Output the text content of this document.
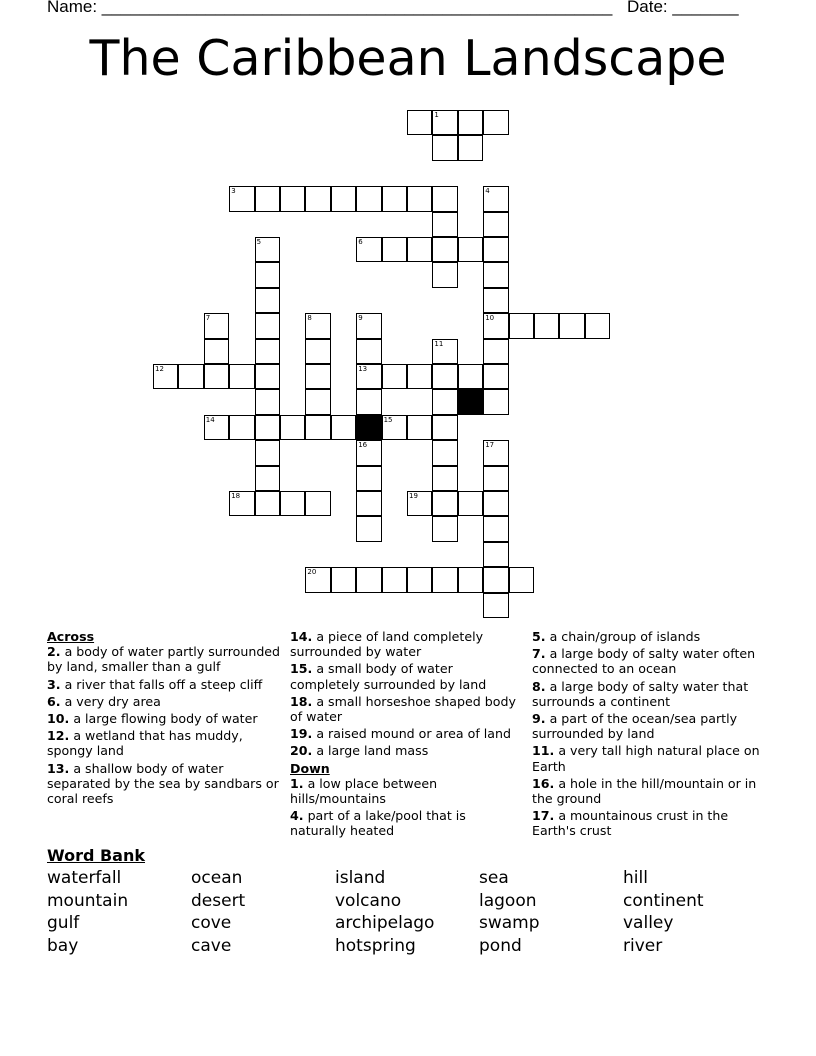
Name: ______________________________________________________ Date: _______
The Caribbean Landscape
1
3	4
5	6
7	8	9	10
11
12	13
14	15
16	17
18	19
20
Across
2. a body of water partly surrounded by land, smaller than a gulf
3. a river that falls off a steep cliff
6. a very dry area
10. a large flowing body of water
12. a wetland that has muddy, spongy land
13. a shallow body of water separated by the sea by sandbars or coral reefs
14. a piece of land completely surrounded by water
15. a small body of water completely surrounded by land
18. a small horseshoe shaped body of water
19. a raised mound or area of land
20. a large land mass
Down
1. a low place between hills/mountains
4. part of a lake/pool that is naturally heated
5. a chain/group of islands
7. a large body of salty water often connected to an ocean
8. a large body of salty water that surrounds a continent
9. a part of the ocean/sea partly surrounded by land
11. a very tall high natural place on Earth
16. a hole in the hill/mountain or in the ground
17. a mountainous crust in the Earth's crust
Word Bank
waterfall
mountain
gulf
bay
ocean
desert
cove
cave
island
volcano
archipelago
hotspring
sea
lagoon
swamp
pond
hill
continent
valley
river
